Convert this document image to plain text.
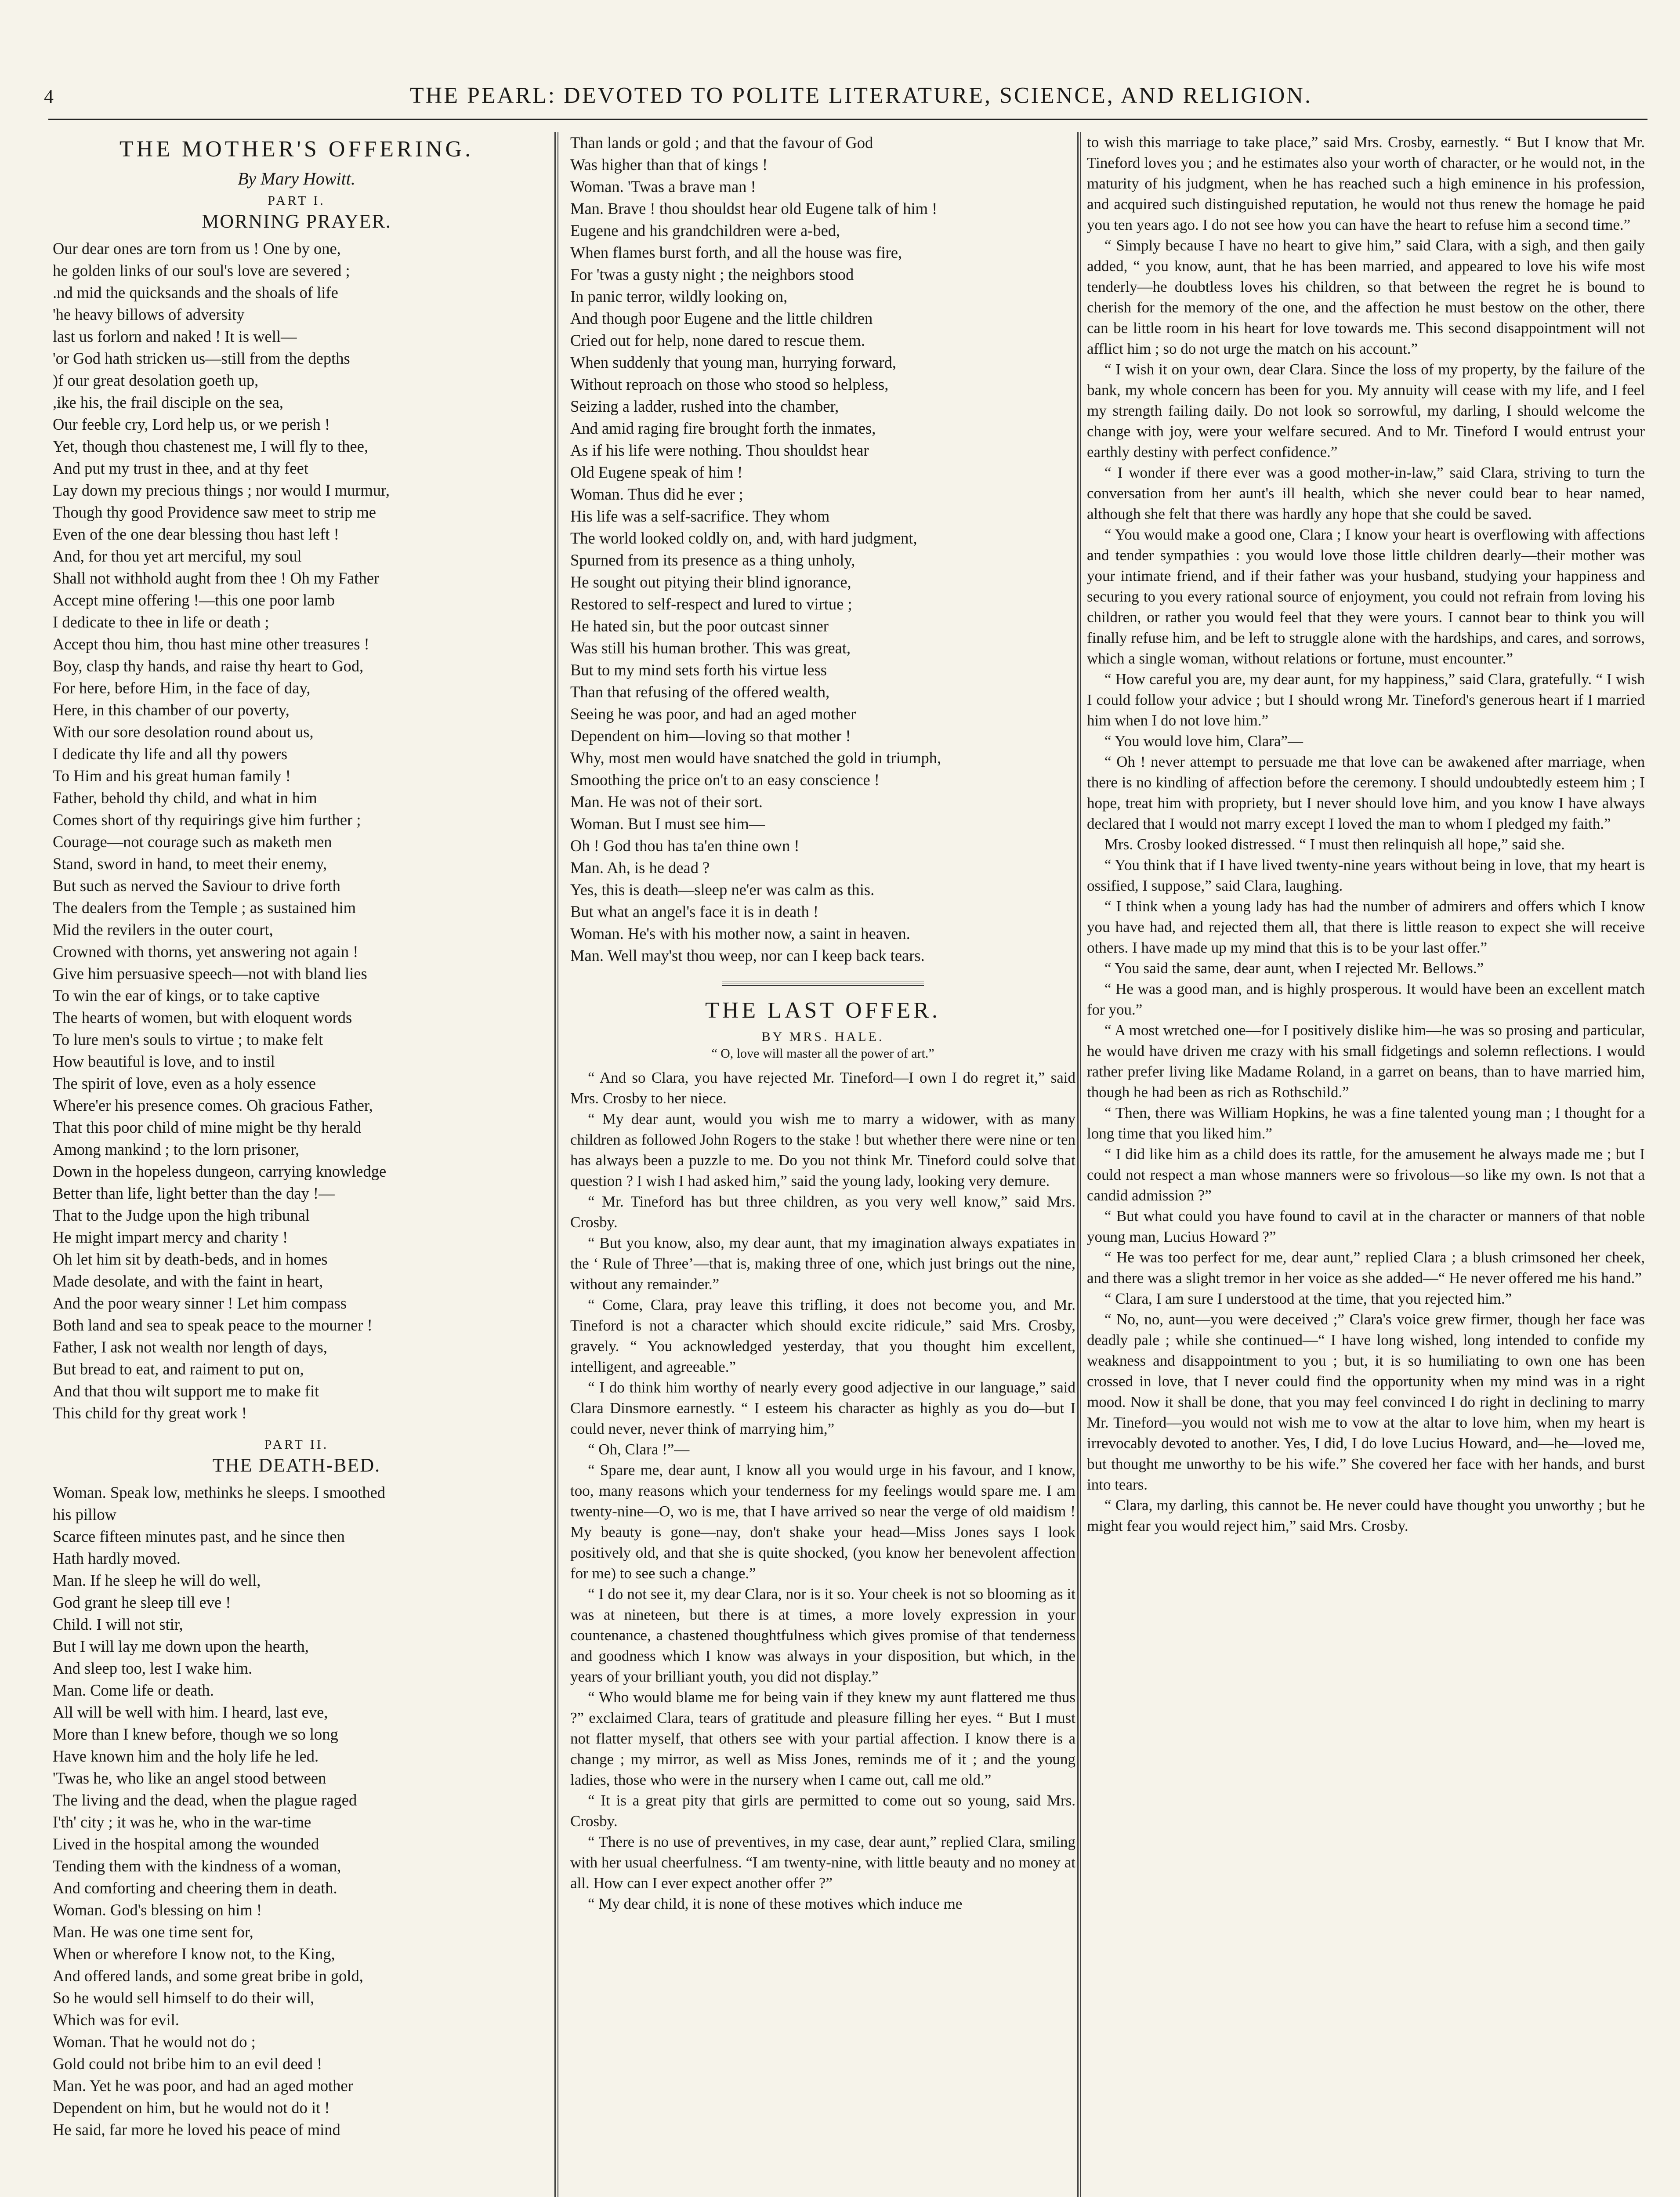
4	THE PEARL: DEVOTED TO POLITE LITERATURE, SCIENCE, AND RELIGION.
THE MOTHER'S OFFERING.
By Mary Howitt.
PART I.
MORNING PRAYER.
Our dear ones are torn from us ! One by one,
he golden links of our soul's love are severed ;
.nd mid the quicksands and the shoals of life
'he heavy billows of adversity
last us forlorn and naked ! It is well—
'or God hath stricken us—still from the depths
)f our great desolation goeth up,
,ike his, the frail disciple on the sea,
Our feeble cry, Lord help us, or we perish !
Yet, though thou chastenest me, I will fly to thee,
And put my trust in thee, and at thy feet
Lay down my precious things ; nor would I murmur,
Though thy good Providence saw meet to strip me
Even of the one dear blessing thou hast left !
And, for thou yet art merciful, my soul
Shall not withhold aught from thee ! Oh my Father
Accept mine offering !—this one poor lamb
I dedicate to thee in life or death ;
Accept thou him, thou hast mine other treasures !
Boy, clasp thy hands, and raise thy heart to God,
For here, before Him, in the face of day,
Here, in this chamber of our poverty,
With our sore desolation round about us,
I dedicate thy life and all thy powers
To Him and his great human family !
Father, behold thy child, and what in him
Comes short of thy requirings give him further ;
Courage—not courage such as maketh men
Stand, sword in hand, to meet their enemy,
But such as nerved the Saviour to drive forth
The dealers from the Temple ; as sustained him
Mid the revilers in the outer court,
Crowned with thorns, yet answering not again !
Give him persuasive speech—not with bland lies
To win the ear of kings, or to take captive
The hearts of women, but with eloquent words
To lure men's souls to virtue ; to make felt
How beautiful is love, and to instil
The spirit of love, even as a holy essence
Where'er his presence comes. Oh gracious Father,
That this poor child of mine might be thy herald
Among mankind ; to the lorn prisoner,
Down in the hopeless dungeon, carrying knowledge
Better than life, light better than the day !—
That to the Judge upon the high tribunal
He might impart mercy and charity !
Oh let him sit by death-beds, and in homes
Made desolate, and with the faint in heart,
And the poor weary sinner ! Let him compass
Both land and sea to speak peace to the mourner !
Father, I ask not wealth nor length of days,
But bread to eat, and raiment to put on,
And that thou wilt support me to make fit
This child for thy great work !
PART II.
THE DEATH-BED.
Woman. Speak low, methinks he sleeps. I smoothed
his pillow
Scarce fifteen minutes past, and he since then
Hath hardly moved.
Man. If he sleep he will do well,
God grant he sleep till eve !
Child. I will not stir,
But I will lay me down upon the hearth,
And sleep too, lest I wake him.
Man. Come life or death.
All will be well with him. I heard, last eve,
More than I knew before, though we so long
Have known him and the holy life he led.
'Twas he, who like an angel stood between
The living and the dead, when the plague raged
I'th' city ; it was he, who in the war-time
Lived in the hospital among the wounded
Tending them with the kindness of a woman,
And comforting and cheering them in death.
Woman. God's blessing on him !
Man. He was one time sent for,
When or wherefore I know not, to the King,
And offered lands, and some great bribe in gold,
So he would sell himself to do their will,
Which was for evil.
Woman. That he would not do ;
Gold could not bribe him to an evil deed !
Man. Yet he was poor, and had an aged mother
Dependent on him, but he would not do it !
He said, far more he loved his peace of mind
Than lands or gold ; and that the favour of God
Was higher than that of kings !
Woman. 'Twas a brave man !
Man. Brave ! thou shouldst hear old Eugene talk of him !
Eugene and his grandchildren were a-bed,
When flames burst forth, and all the house was fire,
For 'twas a gusty night ; the neighbors stood
In panic terror, wildly looking on,
And though poor Eugene and the little children
Cried out for help, none dared to rescue them.
When suddenly that young man, hurrying forward,
Without reproach on those who stood so helpless,
Seizing a ladder, rushed into the chamber,
And amid raging fire brought forth the inmates,
As if his life were nothing. Thou shouldst hear
Old Eugene speak of him !
Woman. Thus did he ever ;
His life was a self-sacrifice. They whom
The world looked coldly on, and, with hard judgment,
Spurned from its presence as a thing unholy,
He sought out pitying their blind ignorance,
Restored to self-respect and lured to virtue ;
He hated sin, but the poor outcast sinner
Was still his human brother. This was great,
But to my mind sets forth his virtue less
Than that refusing of the offered wealth,
Seeing he was poor, and had an aged mother
Dependent on him—loving so that mother !
Why, most men would have snatched the gold in triumph,
Smoothing the price on't to an easy conscience !
Man. He was not of their sort.
Woman. But I must see him—
Oh ! God thou has ta'en thine own !
Man. Ah, is he dead ?
Yes, this is death—sleep ne'er was calm as this.
But what an angel's face it is in death !
Woman. He's with his mother now, a saint in heaven.
Man. Well may'st thou weep, nor can I keep back tears.
THE LAST OFFER.
BY MRS. HALE.
“ O, love will master all the power of art.”

“ And so Clara, you have rejected Mr. Tineford—I own I do regret it,” said Mrs. Crosby to her niece.

“ My dear aunt, would you wish me to marry a widower, with as many children as followed John Rogers to the stake ! but whether there were nine or ten has always been a puzzle to me. Do you not think Mr. Tineford could solve that question ? I wish I had asked him,” said the young lady, looking very demure.

“ Mr. Tineford has but three children, as you very well know,” said Mrs. Crosby.

“ But you know, also, my dear aunt, that my imagination always expatiates in the ‘ Rule of Three’—that is, making three of one, which just brings out the nine, without any remainder.”

“ Come, Clara, pray leave this trifling, it does not become you, and Mr. Tineford is not a character which should excite ridicule,” said Mrs. Crosby, gravely. “ You acknowledged yesterday, that you thought him excellent, intelligent, and agreeable.”

“ I do think him worthy of nearly every good adjective in our language,” said Clara Dinsmore earnestly. “ I esteem his character as highly as you do—but I could never, never think of marrying him,”

“ Oh, Clara !”—

“ Spare me, dear aunt, I know all you would urge in his favour, and I know, too, many reasons which your tenderness for my feelings would spare me. I am twenty-nine—O, wo is me, that I have arrived so near the verge of old maidism ! My beauty is gone—nay, don't shake your head—Miss Jones says I look positively old, and that she is quite shocked, (you know her benevolent affection for me) to see such a change.”

“ I do not see it, my dear Clara, nor is it so. Your cheek is not so blooming as it was at nineteen, but there is at times, a more lovely expression in your countenance, a chastened thoughtfulness which gives promise of that tenderness and goodness which I know was always in your disposition, but which, in the years of your brilliant youth, you did not display.”

“ Who would blame me for being vain if they knew my aunt flattered me thus ?” exclaimed Clara, tears of gratitude and pleasure filling her eyes. “ But I must not flatter myself, that others see with your partial affection. I know there is a change ; my mirror, as well as Miss Jones, reminds me of it ; and the young ladies, those who were in the nursery when I came out, call me old.”

“ It is a great pity that girls are permitted to come out so young, said Mrs. Crosby.

“ There is no use of preventives, in my case, dear aunt,” replied Clara, smiling with her usual cheerfulness. “I am twenty-nine, with little beauty and no money at all. How can I ever expect another offer ?”

“ My dear child, it is none of these motives which induce me

to wish this marriage to take place,” said Mrs. Crosby, earnestly. “ But I know that Mr. Tineford loves you ; and he estimates also your worth of character, or he would not, in the maturity of his judgment, when he has reached such a high eminence in his profession, and acquired such distinguished reputation, he would not thus renew the homage he paid you ten years ago. I do not see how you can have the heart to refuse him a second time.”

“ Simply because I have no heart to give him,” said Clara, with a sigh, and then gaily added, “ you know, aunt, that he has been married, and appeared to love his wife most tenderly—he doubtless loves his children, so that between the regret he is bound to cherish for the memory of the one, and the affection he must bestow on the other, there can be little room in his heart for love towards me. This second disappointment will not afflict him ; so do not urge the match on his account.”

“ I wish it on your own, dear Clara. Since the loss of my property, by the failure of the bank, my whole concern has been for you. My annuity will cease with my life, and I feel my strength failing daily. Do not look so sorrowful, my darling, I should welcome the change with joy, were your welfare secured. And to Mr. Tineford I would entrust your earthly destiny with perfect confidence.”

“ I wonder if there ever was a good mother-in-law,” said Clara, striving to turn the conversation from her aunt's ill health, which she never could bear to hear named, although she felt that there was hardly any hope that she could be saved.

“ You would make a good one, Clara ; I know your heart is overflowing with affections and tender sympathies : you would love those little children dearly—their mother was your intimate friend, and if their father was your husband, studying your happiness and securing to you every rational source of enjoyment, you could not refrain from loving his children, or rather you would feel that they were yours. I cannot bear to think you will finally refuse him, and be left to struggle alone with the hardships, and cares, and sorrows, which a single woman, without relations or fortune, must encounter.”

“ How careful you are, my dear aunt, for my happiness,” said Clara, gratefully. “ I wish I could follow your advice ; but I should wrong Mr. Tineford's generous heart if I married him when I do not love him.”

“ You would love him, Clara”—

“ Oh ! never attempt to persuade me that love can be awakened after marriage, when there is no kindling of affection before the ceremony. I should undoubtedly esteem him ; I hope, treat him with propriety, but I never should love him, and you know I have always declared that I would not marry except I loved the man to whom I pledged my faith.”

Mrs. Crosby looked distressed. “ I must then relinquish all hope,” said she.

“ You think that if I have lived twenty-nine years without being in love, that my heart is ossified, I suppose,” said Clara, laughing.

“ I think when a young lady has had the number of admirers and offers which I know you have had, and rejected them all, that there is little reason to expect she will receive others. I have made up my mind that this is to be your last offer.”

“ You said the same, dear aunt, when I rejected Mr. Bellows.”

“ He was a good man, and is highly prosperous. It would have been an excellent match for you.”

“ A most wretched one—for I positively dislike him—he was so prosing and particular, he would have driven me crazy with his small fidgetings and solemn reflections. I would rather prefer living like Madame Roland, in a garret on beans, than to have married him, though he had been as rich as Rothschild.”

“ Then, there was William Hopkins, he was a fine talented young man ; I thought for a long time that you liked him.”

“ I did like him as a child does its rattle, for the amusement he always made me ; but I could not respect a man whose manners were so frivolous—so like my own. Is not that a candid admission ?”

“ But what could you have found to cavil at in the character or manners of that noble young man, Lucius Howard ?”

“ He was too perfect for me, dear aunt,” replied Clara ; a blush crimsoned her cheek, and there was a slight tremor in her voice as she added—“ He never offered me his hand.”

“ Clara, I am sure I understood at the time, that you rejected him.”

“ No, no, aunt—you were deceived ;” Clara's voice grew firmer, though her face was deadly pale ; while she continued—“ I have long wished, long intended to confide my weakness and disappointment to you ; but, it is so humiliating to own one has been crossed in love, that I never could find the opportunity when my mind was in a right mood. Now it shall be done, that you may feel convinced I do right in declining to marry Mr. Tineford—you would not wish me to vow at the altar to love him, when my heart is irrevocably devoted to another. Yes, I did, I do love Lucius Howard, and—he—loved me, but thought me unworthy to be his wife.” She covered her face with her hands, and burst into tears.

“ Clara, my darling, this cannot be. He never could have thought you unworthy ; but he might fear you would reject him,” said Mrs. Crosby.
